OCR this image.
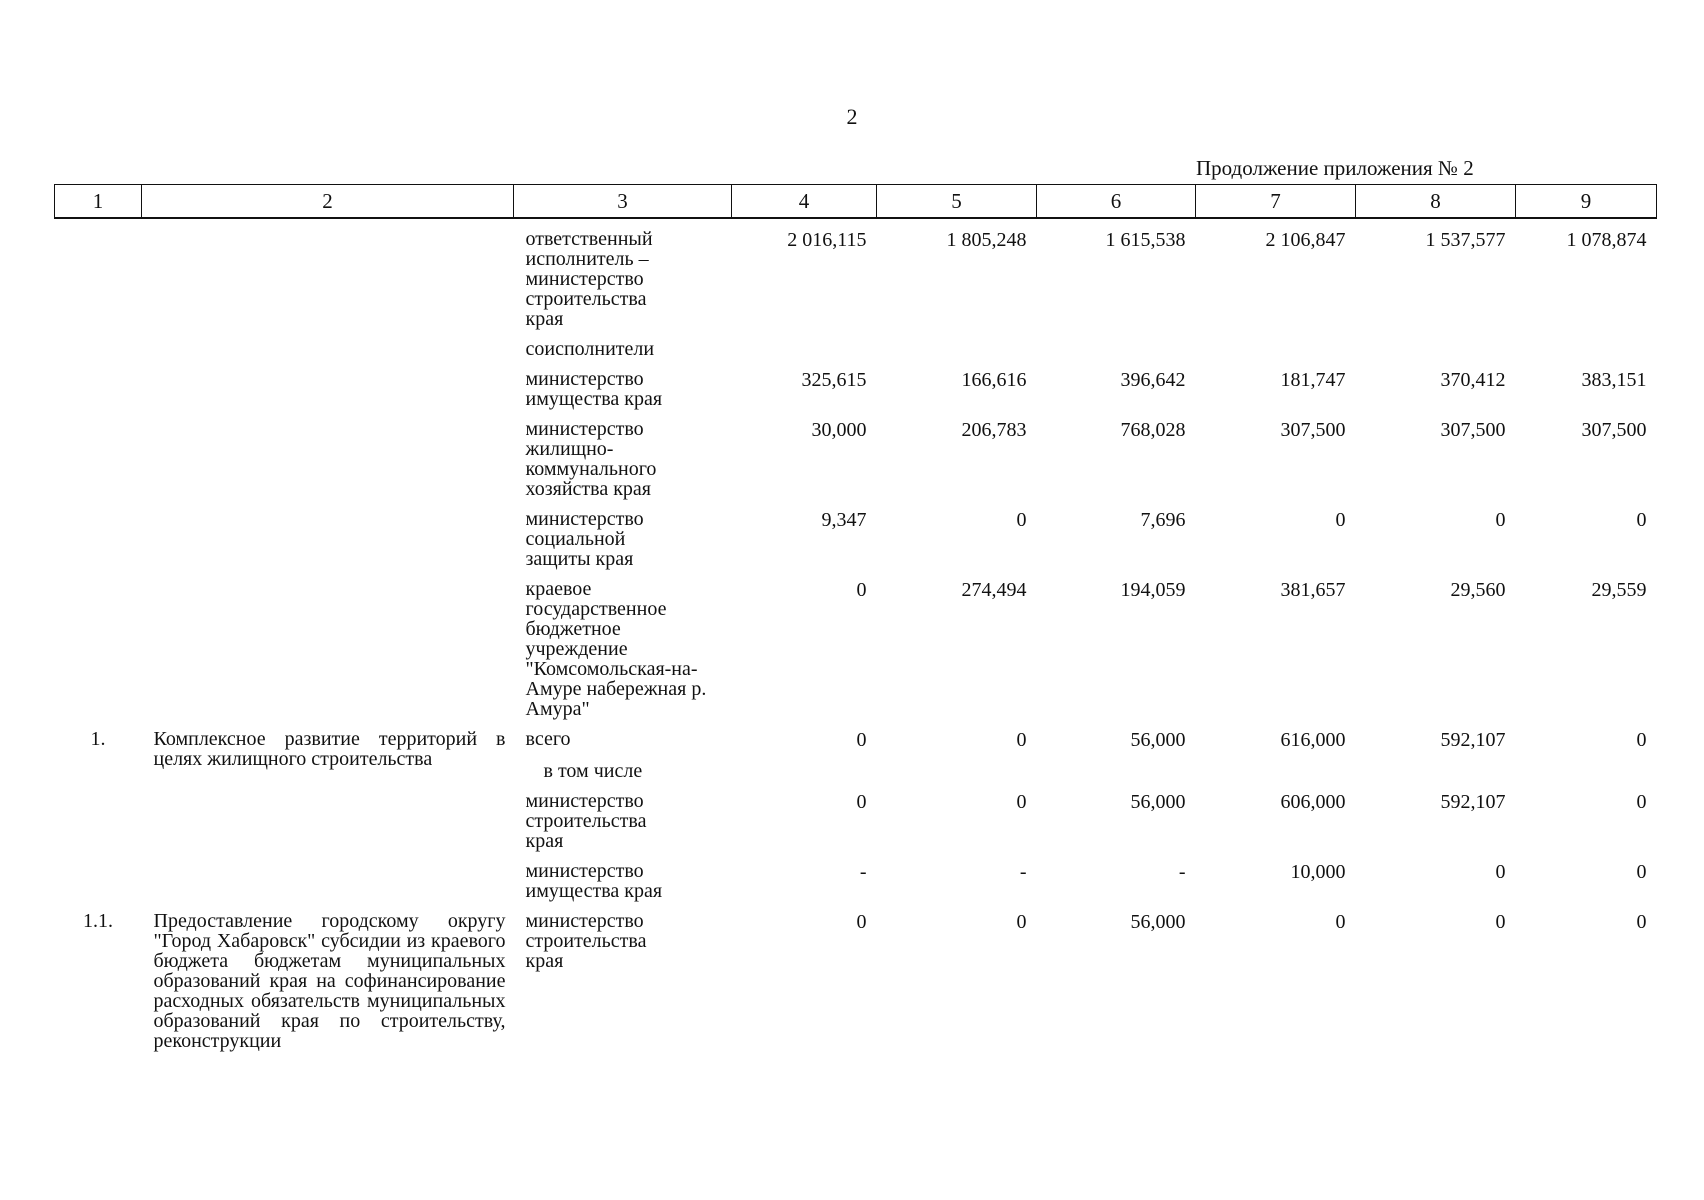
2
Продолжение приложения № 2
1	2	3	4	5	6	7	8	9

		ответственный исполнитель – министерство строительства края	2 016,115	1 805,248	1 615,538	2 106,847	1 537,577	1 078,874
		соисполнители						

		министерство имущества края	325,615	166,616	396,642	181,747	370,412	383,151

		министерство жилищно-коммунального хозяйства края	30,000	206,783	768,028	307,500	307,500	307,500

		министерство социальной защиты края	9,347	0	7,696	0	0	0

		краевое государственное бюджетное учреждение "Комсомольская-на-Амуре набережная р. Амура"	0	274,494	194,059	381,657	29,560	29,559
1.	Комплексное развитие территорий в целях жилищного строительства	всего	0	0	56,000	616,000	592,107	0
		в том числе						

		министерство строительства края	0	0	56,000	606,000	592,107	0

		министерство имущества края	-	-	-	10,000	0	0
1.1.	Предоставление городскому округу "Город Хабаровск" субсидии из краевого бюджета бюджетам муниципальных образований края на софинансирование расходных обязательств муниципальных образований края по строительству, реконструкции	министерство строительства края	0	0	56,000	0	0	0
